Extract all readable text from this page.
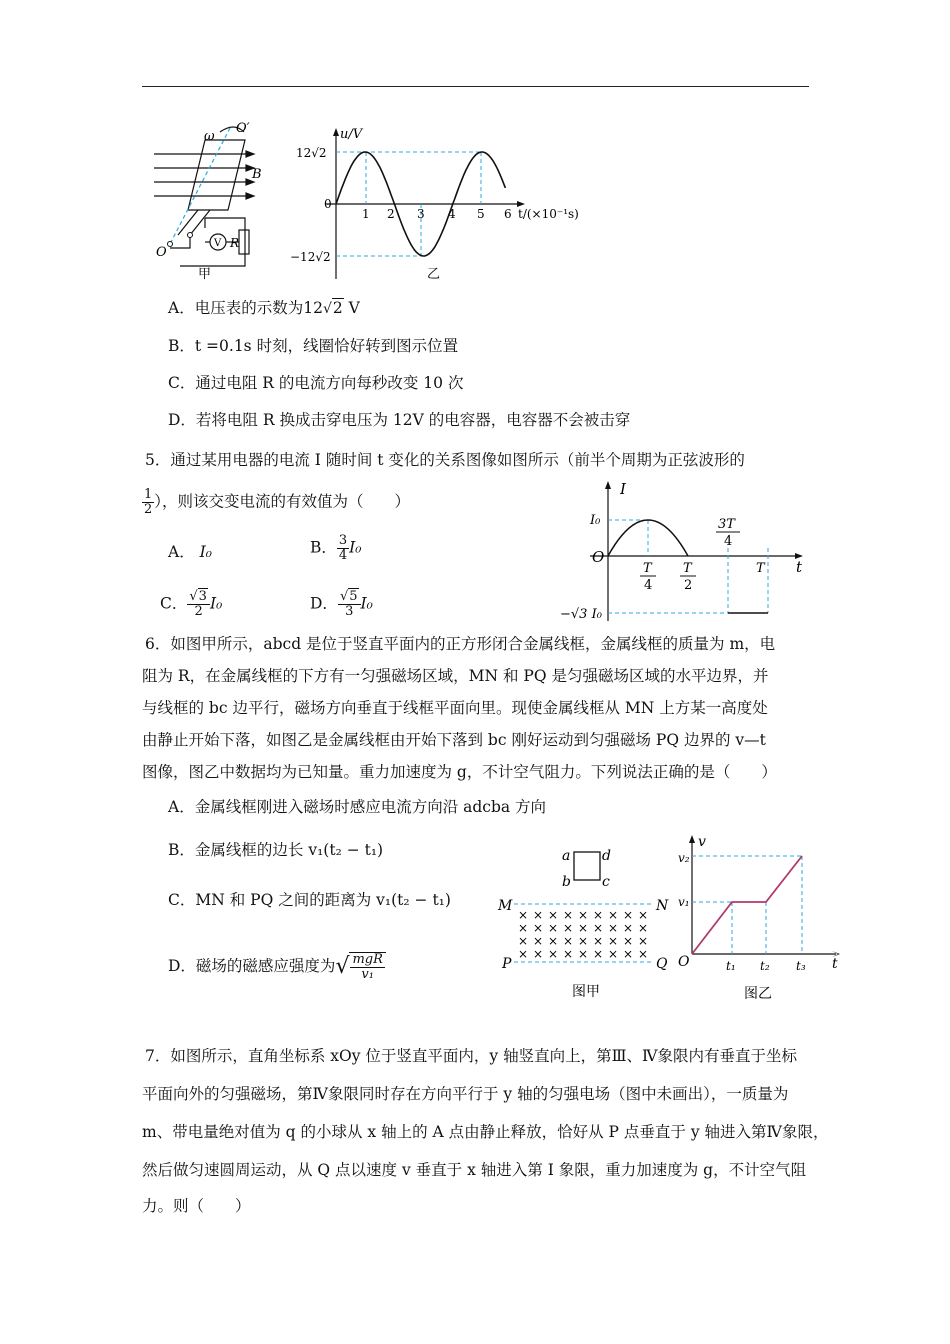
ω
O′
B
O
V R
甲
u/V
12√2
−12√2
0
1 2 3 4 5 6 t/(×10⁻¹s)
乙
A．电压表的示数为12√2 V
B．t =0.1s 时刻，线圈恰好转到图示位置
C．通过电阻 R 的电流方向每秒改变 10 次
D．若将电阻 R 换成击穿电压为 12V 的电容器，电容器不会被击穿
5．通过某用电器的电流 I 随时间 t 变化的关系图像如图所示（前半个周期为正弦波形的
$\frac{1}{2}$ ），则该交变电流的有效值为（　　）
A． I₀	B． $\frac{3}{4} I_0$
C． $\frac{√3}{2} I_0$	D． $\frac{√5}{3} I_0$
I
t
O
I₀
−√3 I₀
T
4
T
2
3T
4
T
6．如图甲所示，abcd 是位于竖直平面内的正方形闭合金属线框，金属线框的质量为 m，电
阻为 R，在金属线框的下方有一匀强磁场区域，MN 和 PQ 是匀强磁场区域的水平边界，并
与线框的 bc 边平行，磁场方向垂直于线框平面向里。现使金属线框从 MN 上方某一高度处
由静止开始下落，如图乙是金属线框由开始下落到 bc 刚好运动到匀强磁场 PQ 边界的 v—t
图像，图乙中数据均为已知量。重力加速度为 g，不计空气阻力。下列说法正确的是（　　）
A．金属线框刚进入磁场时感应电流方向沿 adcba 方向
B．金属线框的边长 v₁(t₂ − t₁)
C．MN 和 PQ 之间的距离为 v₁(t₂ − t₁)
D．磁场的磁感应强度为√ $\frac{\text{mgR}}{\text{v₁}}$
a d
b c
M	N
P	Q
× × × × × × × × ×
× × × × × × × × ×
× × × × × × × × ×
× × × × × × × × ×
图甲
v
t
O
v₂
v₁
t₁ t₂ t₃
图乙
7．如图所示，直角坐标系 xOy 位于竖直平面内，y 轴竖直向上，第Ⅲ、Ⅳ象限内有垂直于坐标
平面向外的匀强磁场，第Ⅳ象限同时存在方向平行于 y 轴的匀强电场（图中未画出），一质量为
m、带电量绝对值为 q 的小球从 x 轴上的 A 点由静止释放，恰好从 P 点垂直于 y 轴进入第Ⅳ象限，
然后做匀速圆周运动，从 Q 点以速度 v 垂直于 x 轴进入第 I 象限，重力加速度为 g，不计空气阻
力。则（　　）
